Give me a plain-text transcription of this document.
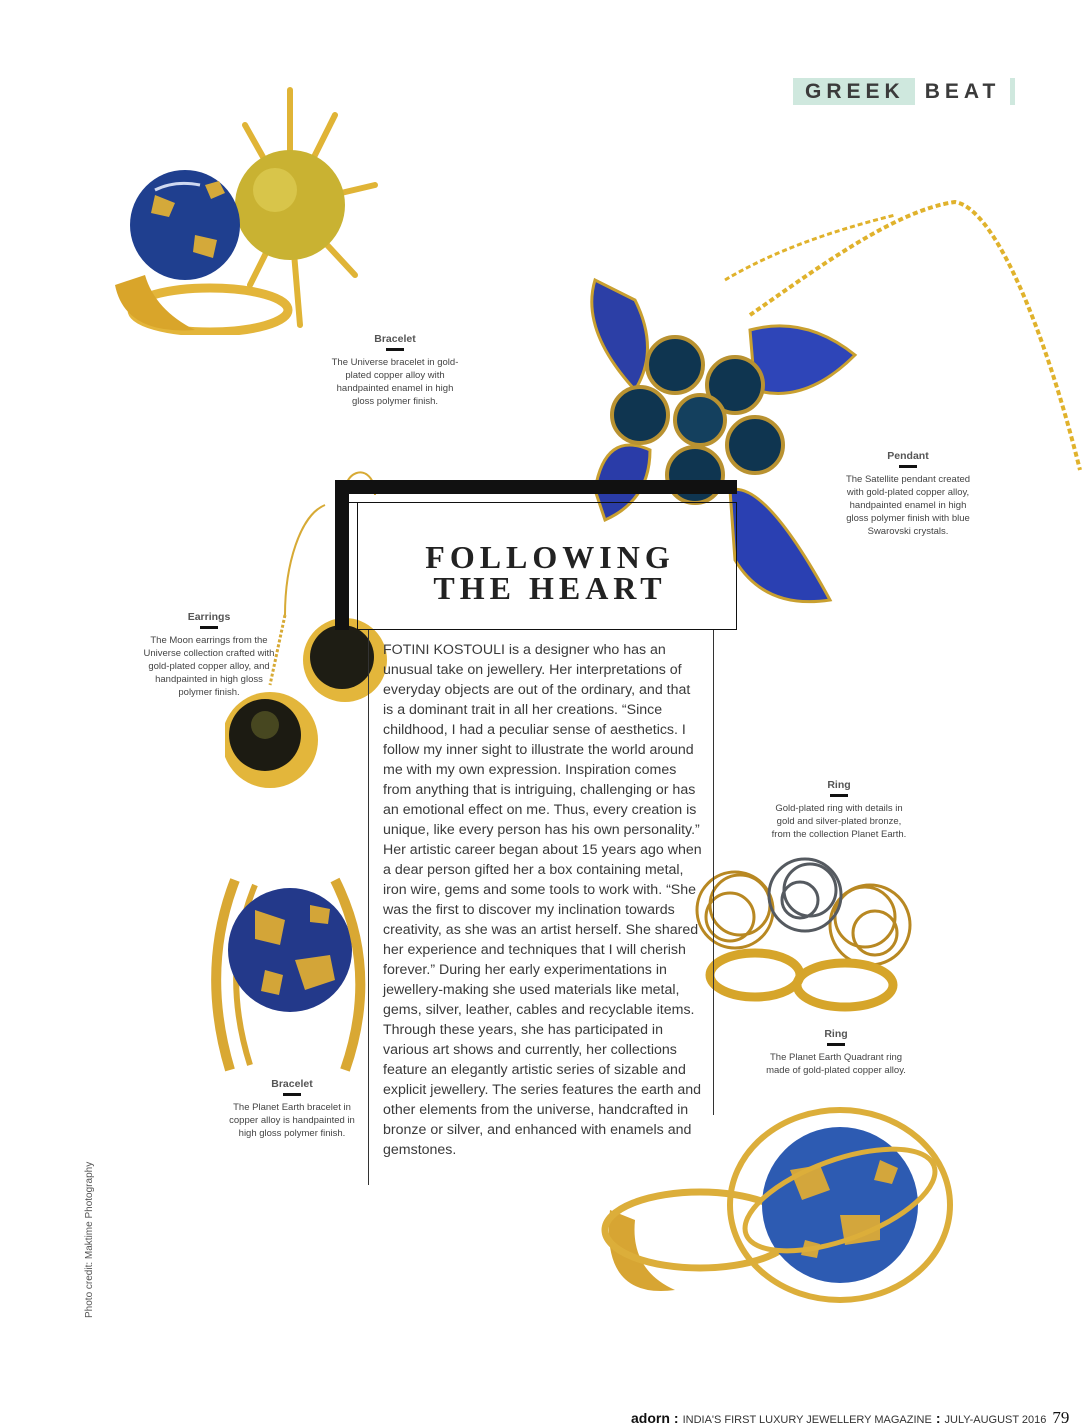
GREEK BEAT
Bracelet
The Universe bracelet in gold-plated copper alloy with handpainted enamel in high gloss polymer finish.
Pendant
The Satellite pendant created with gold-plated copper alloy, handpainted enamel in high gloss polymer finish with blue Swarovski crystals.
Earrings
The Moon earrings from the Universe collection crafted with gold-plated copper alloy, and handpainted in high gloss polymer finish.
Ring
Gold-plated ring with details in gold and silver-plated bronze, from the collection Planet Earth.
Ring
The Planet Earth Quadrant ring made of gold-plated copper alloy.
Bracelet
The Planet Earth bracelet in copper alloy is handpainted in high gloss polymer finish.
FOLLOWING
THE HEART

FOTINI KOSTOULI is a designer who has an unusual take on jewellery. Her interpretations of everyday objects are out of the ordinary, and that is a dominant trait in all her creations. “Since childhood, I had a peculiar sense of aesthetics. I follow my inner sight to illustrate the world around me with my own expression. Inspiration comes from anything that is intriguing, challenging or has an emotional effect on me. Thus, every creation is unique, like every person has his own personality.” Her artistic career began about 15 years ago when a dear person gifted her a box containing metal, iron wire, gems and some tools to work with. “She was the first to discover my inclination towards creativity, as she was an artist herself. She shared her experience and techniques that I will cherish forever.” During her early experimentations in jewellery-making she used materials like metal, gems, silver, leather, cables and recyclable items.

Through these years, she has participated in various art shows and currently, her collections feature an elegantly artistic series of sizable and explicit jewellery. The series features the earth and other elements from the universe, handcrafted in bronze or silver, and enhanced with enamels and gemstones.

Photo credit: Maktime Photography
adorn : INDIA'S FIRST LUXURY JEWELLERY MAGAZINE : JULY-AUGUST 2016 79
